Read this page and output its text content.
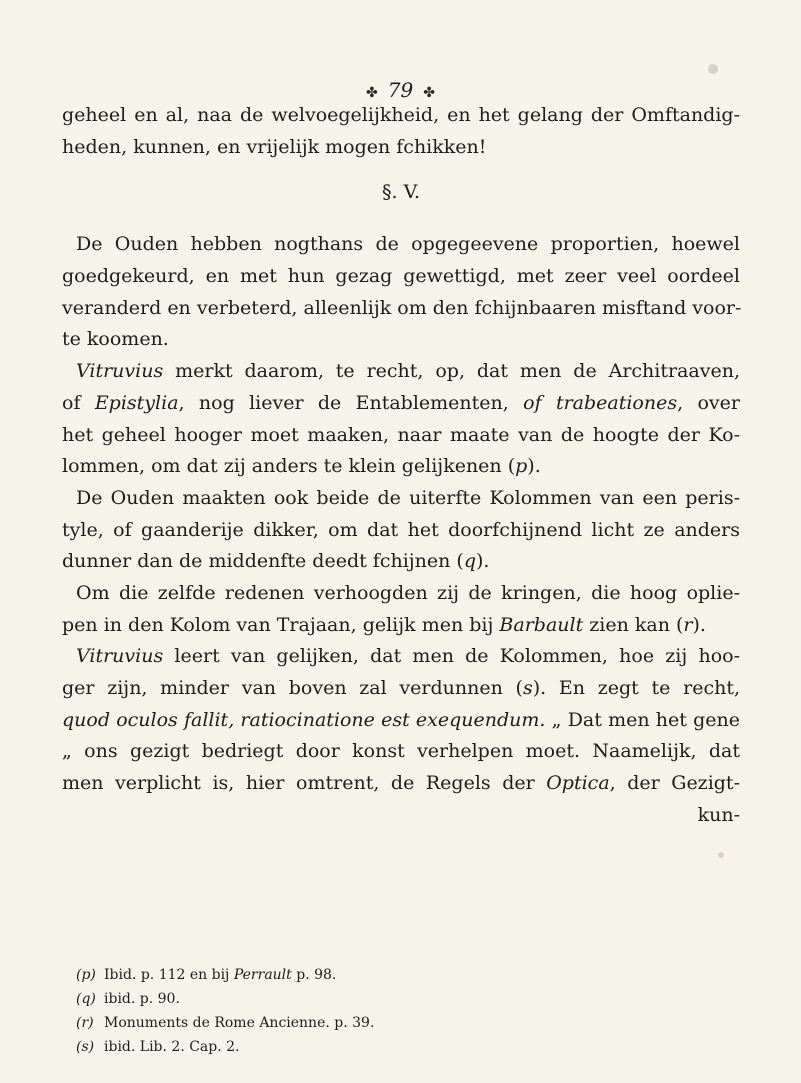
✤ 79 ✤
geheel en al, naa de welvoegelijkheid, en het gelang der Omftandig-
heden, kunnen, en vrijelijk mogen fchikken!
§. V.
De Ouden hebben nogthans de opgegeevene proportien, hoewel
goedgekeurd, en met hun gezag gewettigd, met zeer veel oordeel
veranderd en verbeterd, alleenlijk om den fchijnbaaren misftand voor-
te koomen.
Vitruvius merkt daarom, te recht, op, dat men de Architraaven,
of Epistylia, nog liever de Entablementen, of trabeationes, over
het geheel hooger moet maaken, naar maate van de hoogte der Ko-
lommen, om dat zij anders te klein gelijkenen (p).
De Ouden maakten ook beide de uiterfte Kolommen van een peris-
tyle, of gaanderije dikker, om dat het doorfchijnend licht ze anders
dunner dan de middenfte deedt fchijnen (q).
Om die zelfde redenen verhoogden zij de kringen, die hoog oplie-
pen in den Kolom van Trajaan, gelijk men bij Barbault zien kan (r).
Vitruvius leert van gelijken, dat men de Kolommen, hoe zij hoo-
ger zijn, minder van boven zal verdunnen (s). En zegt te recht,
quod oculos fallit, ratiocinatione est exequendum. „ Dat men het gene
„ ons gezigt bedriegt door konst verhelpen moet. Naamelijk, dat
men verplicht is, hier omtrent, de Regels der Optica, der Gezigt-
kun-
(p) Ibid. p. 112 en bij Perrault p. 98.
(q) ibid. p. 90.
(r) Monuments de Rome Ancienne. p. 39.
(s) ibid. Lib. 2. Cap. 2.
